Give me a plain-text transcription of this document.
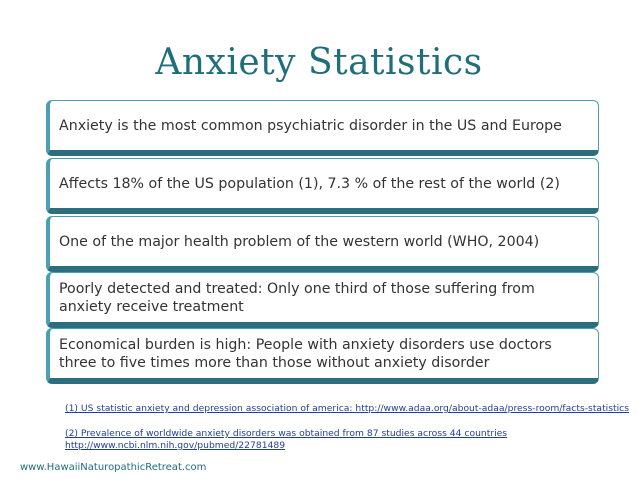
Anxiety Statistics
Anxiety is the most common psychiatric disorder in the US and Europe
Affects 18% of the US population (1), 7.3 % of the rest of the world (2)
One of the major health problem of the western world (WHO, 2004)
Poorly detected and treated: Only one third of those suffering from anxiety receive treatment
Economical burden is high: People with anxiety disorders use doctors three to five times more than those without anxiety disorder
(1) US statistic anxiety and depression association of america: http://www.adaa.org/about-adaa/press-room/facts-statistics
(2) Prevalence of worldwide anxiety disorders was obtained from 87 studies across 44 countries
http://www.ncbi.nlm.nih.gov/pubmed/22781489
www.HawaiiNaturopathicRetreat.com
